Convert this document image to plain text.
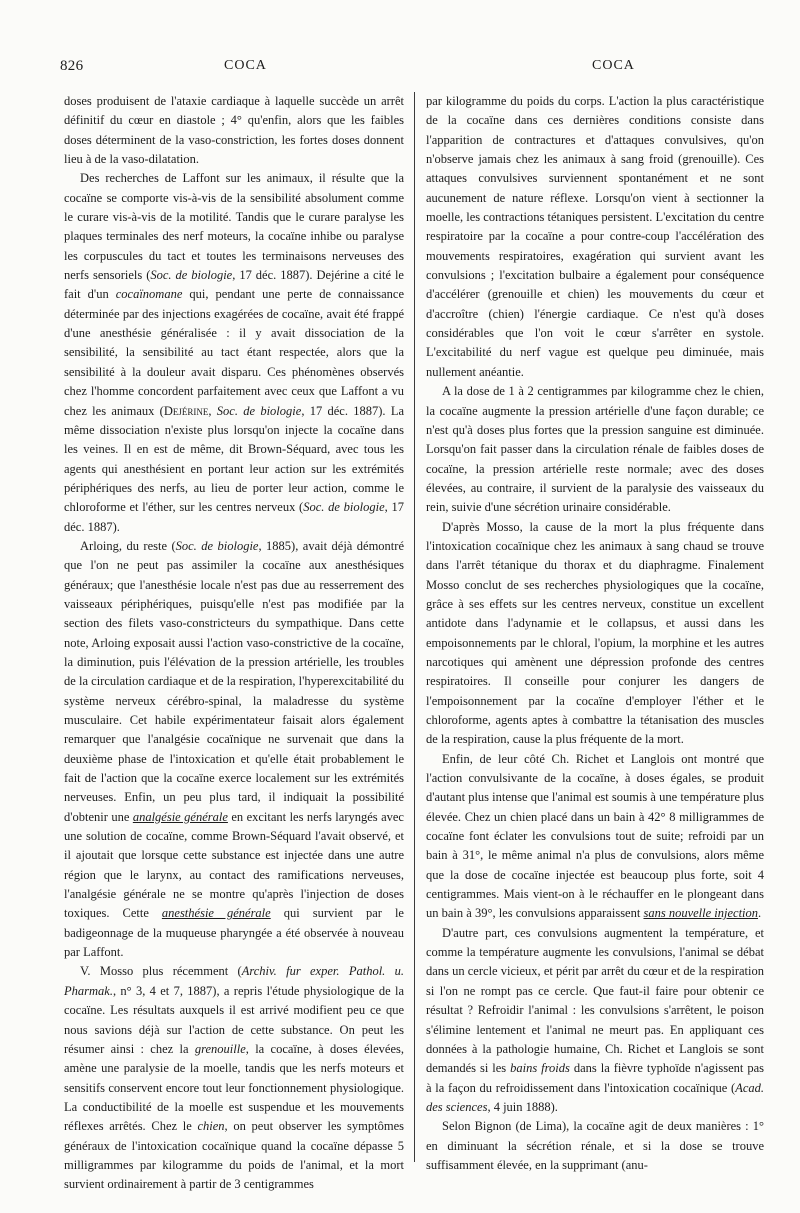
826	COCA	COCA

doses produisent de l'ataxie cardiaque à laquelle succède un arrêt définitif du cœur en diastole ; 4° qu'enfin, alors que les faibles doses déterminent de la vaso-constriction, les fortes doses donnent lieu à de la vaso-dilatation.

Des recherches de Laffont sur les animaux, il résulte que la cocaïne se comporte vis-à-vis de la sensibilité absolument comme le curare vis-à-vis de la motilité. Tandis que le curare paralyse les plaques terminales des nerf moteurs, la cocaïne inhibe ou paralyse les corpuscules du tact et toutes les terminaisons nerveuses des nerfs sensoriels (Soc. de biologie, 17 déc. 1887). Dejérine a cité le fait d'un cocaïnomane qui, pendant une perte de connaissance déterminée par des injections exagérées de cocaïne, avait été frappé d'une anesthésie généralisée : il y avait dissociation de la sensibilité, la sensibilité au tact étant respectée, alors que la sensibilité à la douleur avait disparu. Ces phénomènes observés chez l'homme concordent parfaitement avec ceux que Laffont a vu chez les animaux (Dejérine, Soc. de biologie, 17 déc. 1887). La même dissociation n'existe plus lorsqu'on injecte la cocaïne dans les veines. Il en est de même, dit Brown-Séquard, avec tous les agents qui anesthésient en portant leur action sur les extrémités périphériques des nerfs, au lieu de porter leur action, comme le chloroforme et l'éther, sur les centres nerveux (Soc. de biologie, 17 déc. 1887).

Arloing, du reste (Soc. de biologie, 1885), avait déjà démontré que l'on ne peut pas assimiler la cocaïne aux anesthésiques généraux; que l'anesthésie locale n'est pas due au resserrement des vaisseaux périphériques, puisqu'elle n'est pas modifiée par la section des filets vaso-constricteurs du sympathique. Dans cette note, Arloing exposait aussi l'action vaso-constrictive de la cocaïne, la diminution, puis l'élévation de la pression artérielle, les troubles de la circulation cardiaque et de la respiration, l'hyperexcitabilité du système nerveux cérébro-spinal, la maladresse du système musculaire. Cet habile expérimentateur faisait alors également remarquer que l'analgésie cocaïnique ne survenait que dans la deuxième phase de l'intoxication et qu'elle était probablement le fait de l'action que la cocaïne exerce localement sur les extrémités nerveuses. Enfin, un peu plus tard, il indiquait la possibilité d'obtenir une analgésie générale en excitant les nerfs laryngés avec une solution de cocaïne, comme Brown-Séquard l'avait observé, et il ajoutait que lorsque cette substance est injectée dans une autre région que le larynx, au contact des ramifications nerveuses, l'analgésie générale ne se montre qu'après l'injection de doses toxiques. Cette anesthésie générale qui survient par le badigeonnage de la muqueuse pharyngée a été observée à nouveau par Laffont.

V. Mosso plus récemment (Archiv. fur exper. Pathol. u. Pharmak., n° 3, 4 et 7, 1887), a repris l'étude physiologique de la cocaïne. Les résultats auxquels il est arrivé modifient peu ce que nous savions déjà sur l'action de cette substance. On peut les résumer ainsi : chez la grenouille, la cocaïne, à doses élevées, amène une paralysie de la moelle, tandis que les nerfs moteurs et sensitifs conservent encore tout leur fonctionnement physiologique. La conductibilité de la moelle est suspendue et les mouvements réflexes arrêtés. Chez le chien, on peut observer les symptômes généraux de l'intoxication cocaïnique quand la cocaïne dépasse 5 milligrammes par kilogramme du poids de l'animal, et la mort survient ordinairement à partir de 3 centigrammes

par kilogramme du poids du corps. L'action la plus caractéristique de la cocaïne dans ces dernières conditions consiste dans l'apparition de contractures et d'attaques convulsives, qu'on n'observe jamais chez les animaux à sang froid (grenouille). Ces attaques convulsives surviennent spontanément et ne sont aucunement de nature réflexe. Lorsqu'on vient à sectionner la moelle, les contractions tétaniques persistent. L'excitation du centre respiratoire par la cocaïne a pour contre-coup l'accélération des mouvements respiratoires, exagération qui survient avant les convulsions ; l'excitation bulbaire a également pour conséquence d'accélérer (grenouille et chien) les mouvements du cœur et d'accroître (chien) l'énergie cardiaque. Ce n'est qu'à doses considérables que l'on voit le cœur s'arrêter en systole. L'excitabilité du nerf vague est quelque peu diminuée, mais nullement anéantie.

A la dose de 1 à 2 centigrammes par kilogramme chez le chien, la cocaïne augmente la pression artérielle d'une façon durable; ce n'est qu'à doses plus fortes que la pression sanguine est diminuée. Lorsqu'on fait passer dans la circulation rénale de faibles doses de cocaïne, la pression artérielle reste normale; avec des doses élevées, au contraire, il survient de la paralysie des vaisseaux du rein, suivie d'une sécrétion urinaire considérable.

D'après Mosso, la cause de la mort la plus fréquente dans l'intoxication cocaïnique chez les animaux à sang chaud se trouve dans l'arrêt tétanique du thorax et du diaphragme. Finalement Mosso conclut de ses recherches physiologiques que la cocaïne, grâce à ses effets sur les centres nerveux, constitue un excellent antidote dans l'adynamie et le collapsus, et aussi dans les empoisonnements par le chloral, l'opium, la morphine et les autres narcotiques qui amènent une dépression profonde des centres respiratoires. Il conseille pour conjurer les dangers de l'empoisonnement par la cocaïne d'employer l'éther et le chloroforme, agents aptes à combattre la tétanisation des muscles de la respiration, cause la plus fréquente de la mort.

Enfin, de leur côté Ch. Richet et Langlois ont montré que l'action convulsivante de la cocaïne, à doses égales, se produit d'autant plus intense que l'animal est soumis à une température plus élevée. Chez un chien placé dans un bain à 42° 8 milligrammes de cocaïne font éclater les convulsions tout de suite; refroidi par un bain à 31°, le même animal n'a plus de convulsions, alors même que la dose de cocaïne injectée est beaucoup plus forte, soit 4 centigrammes. Mais vient-on à le réchauffer en le plongeant dans un bain à 39°, les convulsions apparaissent sans nouvelle injection.

D'autre part, ces convulsions augmentent la température, et comme la température augmente les convulsions, l'animal se débat dans un cercle vicieux, et périt par arrêt du cœur et de la respiration si l'on ne rompt pas ce cercle. Que faut-il faire pour obtenir ce résultat ? Refroidir l'animal : les convulsions s'arrêtent, le poison s'élimine lentement et l'animal ne meurt pas. En appliquant ces données à la pathologie humaine, Ch. Richet et Langlois se sont demandés si les bains froids dans la fièvre typhoïde n'agissent pas à la façon du refroidissement dans l'intoxication cocaïnique (Acad. des sciences, 4 juin 1888).

Selon Bignon (de Lima), la cocaïne agit de deux manières : 1° en diminuant la sécrétion rénale, et si la dose se trouve suffisamment élevée, en la supprimant (anu-
